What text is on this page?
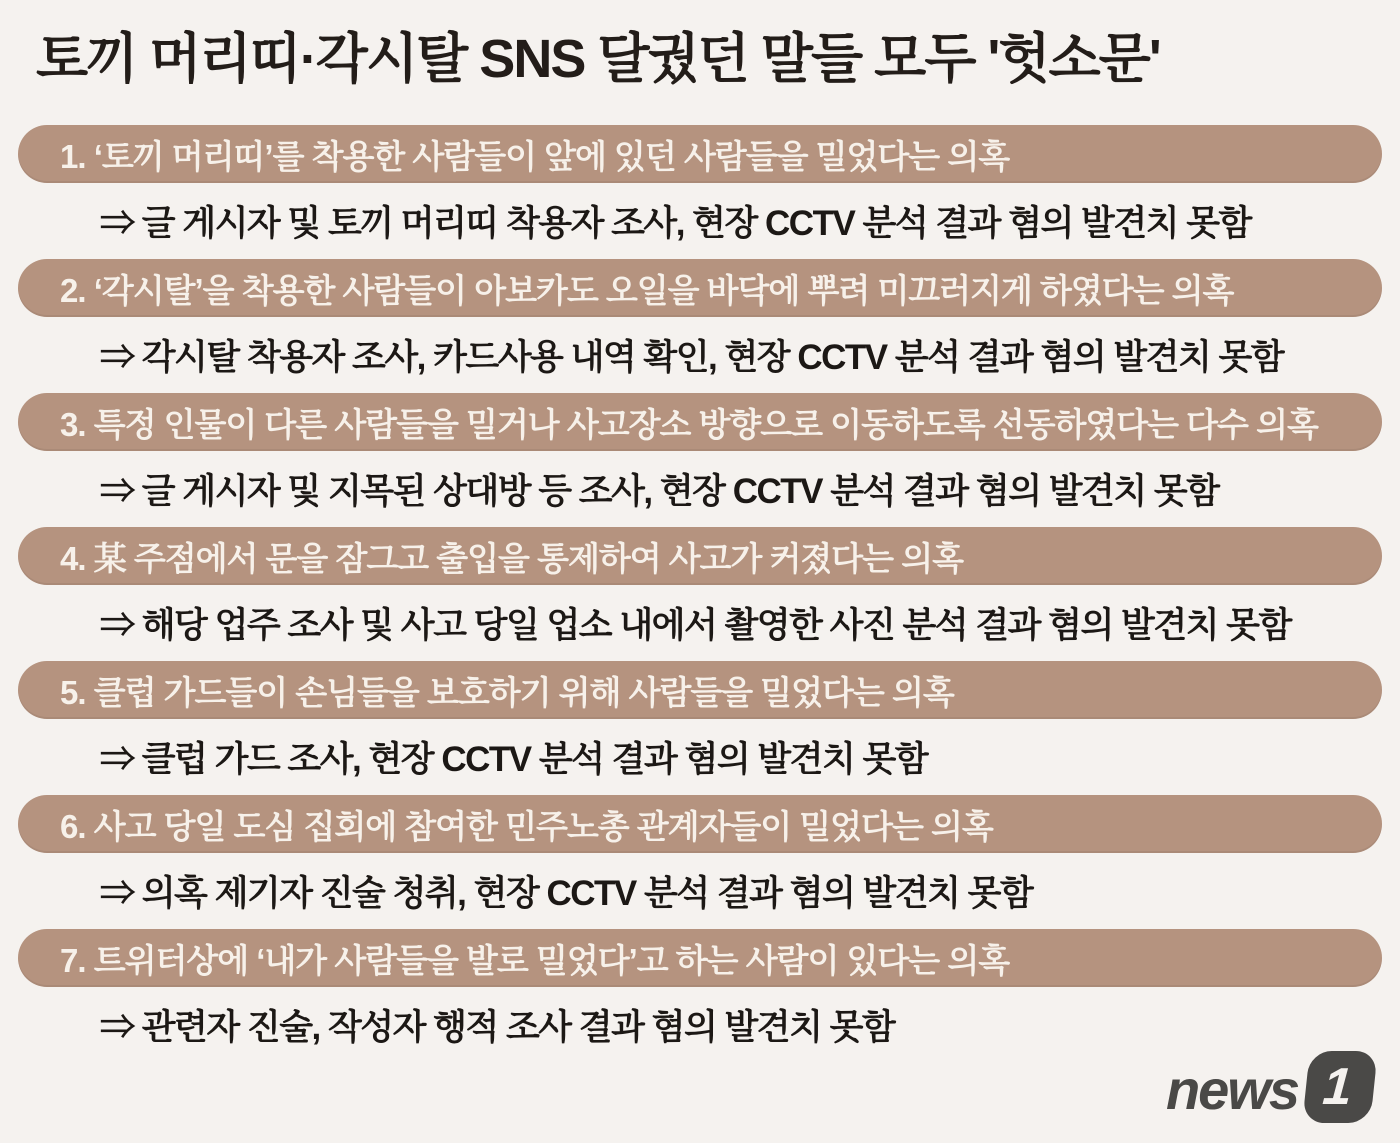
토끼 머리띠·각시탈 SNS 달궜던 말들 모두 '헛소문'
1. ‘토끼 머리띠’를 착용한 사람들이 앞에 있던 사람들을 밀었다는 의혹
⇒ 글 게시자 및 토끼 머리띠 착용자 조사, 현장 CCTV 분석 결과 혐의 발견치 못함
2. ‘각시탈’을 착용한 사람들이 아보카도 오일을 바닥에 뿌려 미끄러지게 하였다는 의혹
⇒ 각시탈 착용자 조사, 카드사용 내역 확인, 현장 CCTV 분석 결과 혐의 발견치 못함
3. 특정 인물이 다른 사람들을 밀거나 사고장소 방향으로 이동하도록 선동하였다는 다수 의혹
⇒ 글 게시자 및 지목된 상대방 등 조사, 현장 CCTV 분석 결과 혐의 발견치 못함
4. 某 주점에서 문을 잠그고 출입을 통제하여 사고가 커졌다는 의혹
⇒ 해당 업주 조사 및 사고 당일 업소 내에서 촬영한 사진 분석 결과 혐의 발견치 못함
5. 클럽 가드들이 손님들을 보호하기 위해 사람들을 밀었다는 의혹
⇒ 클럽 가드 조사, 현장 CCTV 분석 결과 혐의 발견치 못함
6. 사고 당일 도심 집회에 참여한 민주노총 관계자들이 밀었다는 의혹
⇒ 의혹 제기자 진술 청취, 현장 CCTV 분석 결과 혐의 발견치 못함
7. 트위터상에 ‘내가 사람들을 발로 밀었다’고 하는 사람이 있다는 의혹
⇒ 관련자 진술, 작성자 행적 조사 결과 혐의 발견치 못함
news 1
